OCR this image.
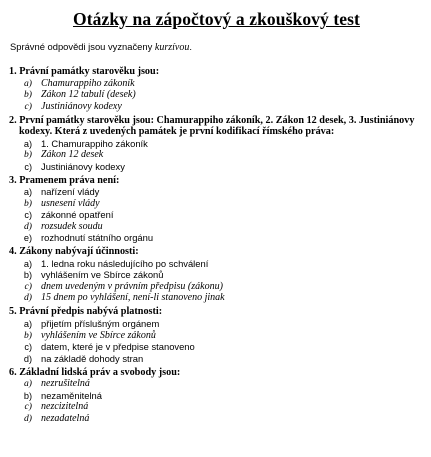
Otázky na zápočtový a zkouškový test
Správné odpovědi jsou vyznačeny kurzívou.
1. Právní památky starověku jsou:
a) Chamurappiho zákoník
b) Zákon 12 tabulí (desek)
c) Justiniánovy kodexy
2. První památky starověku jsou: Chamurappiho zákoník, 2. Zákon 12 desek, 3. Justiniánovy kodexy. Která z uvedených památek je první kodifikací římského práva:
a) 1. Chamurappiho zákoník
b) Zákon 12 desek
c) Justiniánovy kodexy
3. Pramenem práva není:
a) nařízení vlády
b) usnesení vlády
c) zákonné opatření
d) rozsudek soudu
e) rozhodnutí státního orgánu
4. Zákony nabývají účinnosti:
a) 1. ledna roku následujícího po schválení
b) vyhlášením ve Sbírce zákonů
c) dnem uvedeným v právním předpisu (zákonu)
d) 15 dnem po vyhlášení, není-li stanoveno jinak
5. Právní předpis nabývá platnosti:
a) přijetím příslušným orgánem
b) vyhlášením ve Sbírce zákonů
c) datem, které je v předpise stanoveno
d) na základě dohody stran
6. Základní lidská práv a svobody jsou:
a) nezrušitelná
b) nezaměnitelná
c) nezcizitelná
d) nezadatelná
